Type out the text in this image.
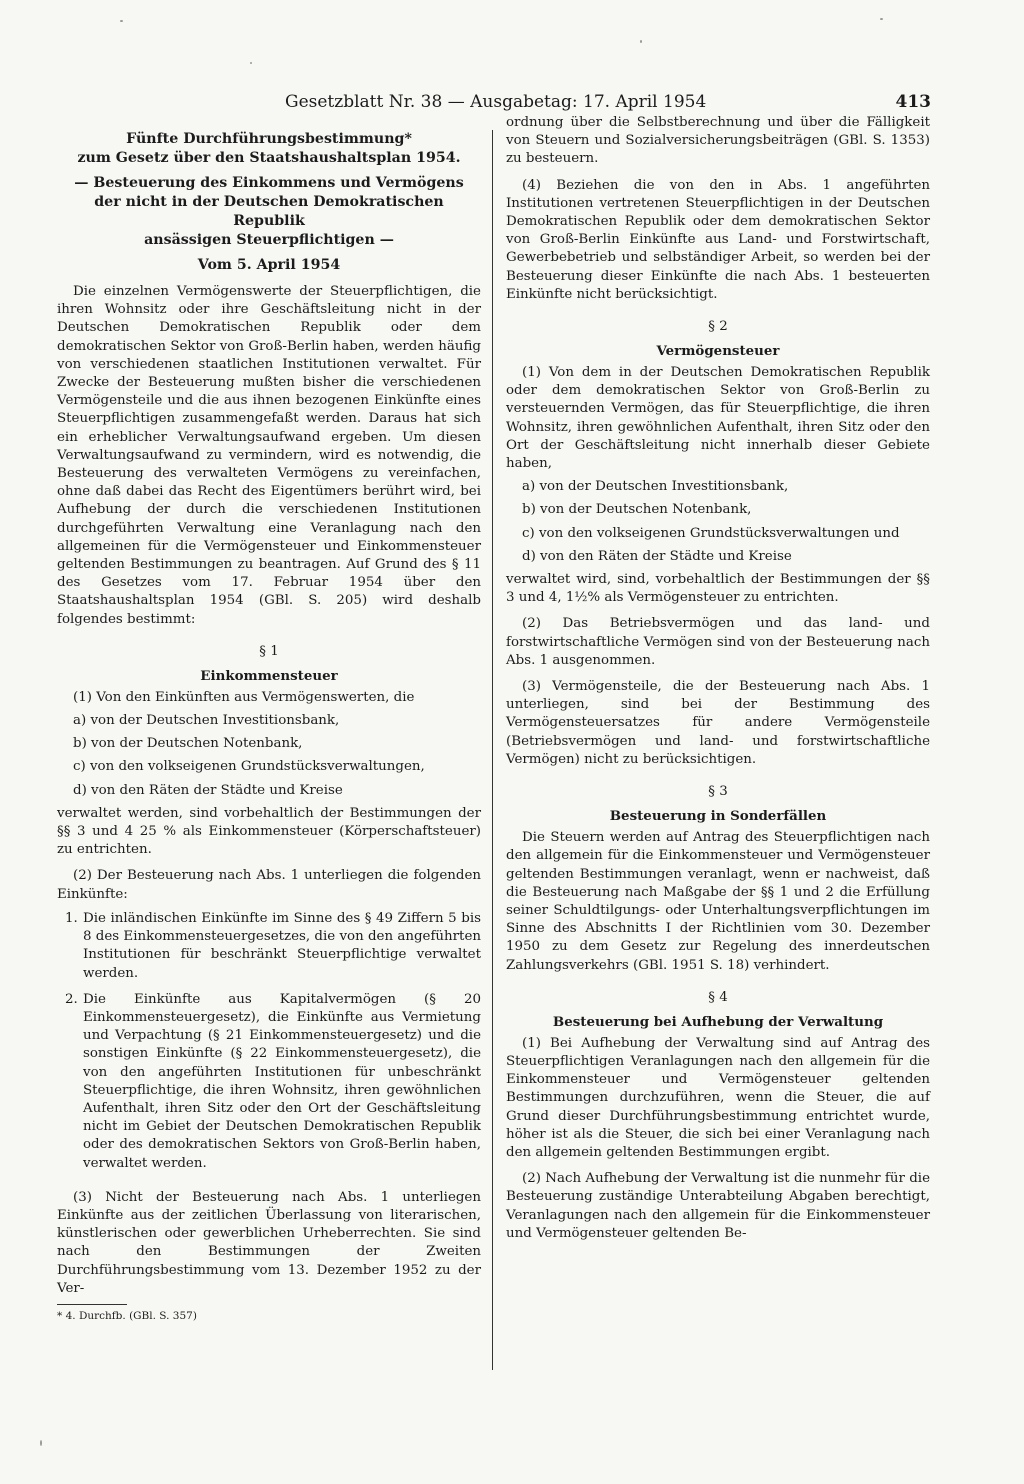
Gesetzblatt Nr. 38 — Ausgabetag: 17. April 1954	413
Fünfte Durchführungsbestimmung*
zum Gesetz über den Staatshaushaltsplan 1954.
— Besteuerung des Einkommens und Vermögens
der nicht in der Deutschen Demokratischen Republik
ansässigen Steuerpflichtigen —
Vom 5. April 1954

Die einzelnen Vermögenswerte der Steuerpflichtigen, die ihren Wohnsitz oder ihre Geschäftsleitung nicht in der Deutschen Demokratischen Republik oder dem demokratischen Sektor von Groß-Berlin haben, werden häufig von verschiedenen staatlichen Institutionen verwaltet. Für Zwecke der Besteuerung mußten bisher die verschiedenen Vermögensteile und die aus ihnen bezogenen Einkünfte eines Steuerpflichtigen zusammengefaßt werden. Daraus hat sich ein erheblicher Verwaltungsaufwand ergeben. Um diesen Verwaltungsaufwand zu vermindern, wird es notwendig, die Besteuerung des verwalteten Vermögens zu vereinfachen, ohne daß dabei das Recht des Eigentümers berührt wird, bei Aufhebung der durch die verschiedenen Institutionen durchgeführten Verwaltung eine Veranlagung nach den allgemeinen für die Vermögensteuer und Einkommensteuer geltenden Bestimmungen zu beantragen. Auf Grund des § 11 des Gesetzes vom 17. Februar 1954 über den Staatshaushaltsplan 1954 (GBl. S. 205) wird deshalb folgendes bestimmt:

§ 1
Einkommensteuer

(1) Von den Einkünften aus Vermögenswerten, die

a) von der Deutschen Investitionsbank,
b) von der Deutschen Notenbank,
c) von den volkseigenen Grundstücksverwaltungen,
d) von den Räten der Städte und Kreise

verwaltet werden, sind vorbehaltlich der Bestimmungen der §§ 3 und 4 25 % als Einkommensteuer (Körperschaftsteuer) zu entrichten.

(2) Der Besteuerung nach Abs. 1 unterliegen die folgenden Einkünfte:

1. Die inländischen Einkünfte im Sinne des § 49 Ziffern 5 bis 8 des Einkommensteuergesetzes, die von den angeführten Institutionen für beschränkt Steuerpflichtige verwaltet werden.
2. Die Einkünfte aus Kapitalvermögen (§ 20 Einkommensteuergesetz), die Einkünfte aus Vermietung und Verpachtung (§ 21 Einkommensteuergesetz) und die sonstigen Einkünfte (§ 22 Einkommensteuergesetz), die von den angeführten Institutionen für unbeschränkt Steuerpflichtige, die ihren Wohnsitz, ihren gewöhnlichen Aufenthalt, ihren Sitz oder den Ort der Geschäftsleitung nicht im Gebiet der Deutschen Demokratischen Republik oder des demokratischen Sektors von Groß-Berlin haben, verwaltet werden.

(3) Nicht der Besteuerung nach Abs. 1 unterliegen Einkünfte aus der zeitlichen Überlassung von literarischen, künstlerischen oder gewerblichen Urheberrechten. Sie sind nach den Bestimmungen der Zweiten Durchführungsbestimmung vom 13. Dezember 1952 zu der Ver-

* 4. Durchfb. (GBl. S. 357)

ordnung über die Selbstberechnung und über die Fälligkeit von Steuern und Sozialversicherungsbeiträgen (GBl. S. 1353) zu besteuern.

(4) Beziehen die von den in Abs. 1 angeführten Institutionen vertretenen Steuerpflichtigen in der Deutschen Demokratischen Republik oder dem demokratischen Sektor von Groß-Berlin Einkünfte aus Land- und Forstwirtschaft, Gewerbebetrieb und selbständiger Arbeit, so werden bei der Besteuerung dieser Einkünfte die nach Abs. 1 besteuerten Einkünfte nicht berücksichtigt.

§ 2
Vermögensteuer

(1) Von dem in der Deutschen Demokratischen Republik oder dem demokratischen Sektor von Groß-Berlin zu versteuernden Vermögen, das für Steuerpflichtige, die ihren Wohnsitz, ihren gewöhnlichen Aufenthalt, ihren Sitz oder den Ort der Geschäftsleitung nicht innerhalb dieser Gebiete haben,

a) von der Deutschen Investitionsbank,
b) von der Deutschen Notenbank,
c) von den volkseigenen Grundstücksverwaltungen und
d) von den Räten der Städte und Kreise

verwaltet wird, sind, vorbehaltlich der Bestimmungen der §§ 3 und 4, 1½% als Vermögensteuer zu entrichten.

(2) Das Betriebsvermögen und das land- und forstwirtschaftliche Vermögen sind von der Besteuerung nach Abs. 1 ausgenommen.

(3) Vermögensteile, die der Besteuerung nach Abs. 1 unterliegen, sind bei der Bestimmung des Vermögensteuersatzes für andere Vermögensteile (Betriebsvermögen und land- und forstwirtschaftliche Vermögen) nicht zu berücksichtigen.

§ 3
Besteuerung in Sonderfällen

Die Steuern werden auf Antrag des Steuerpflichtigen nach den allgemein für die Einkommensteuer und Vermögensteuer geltenden Bestimmungen veranlagt, wenn er nachweist, daß die Besteuerung nach Maßgabe der §§ 1 und 2 die Erfüllung seiner Schuldtilgungs- oder Unterhaltungsverpflichtungen im Sinne des Abschnitts I der Richtlinien vom 30. Dezember 1950 zu dem Gesetz zur Regelung des innerdeutschen Zahlungsverkehrs (GBl. 1951 S. 18) verhindert.

§ 4
Besteuerung bei Aufhebung der Verwaltung

(1) Bei Aufhebung der Verwaltung sind auf Antrag des Steuerpflichtigen Veranlagungen nach den allgemein für die Einkommensteuer und Vermögensteuer geltenden Bestimmungen durchzuführen, wenn die Steuer, die auf Grund dieser Durchführungsbestimmung entrichtet wurde, höher ist als die Steuer, die sich bei einer Veranlagung nach den allgemein geltenden Bestimmungen ergibt.

(2) Nach Aufhebung der Verwaltung ist die nunmehr für die Besteuerung zuständige Unterabteilung Abgaben berechtigt, Veranlagungen nach den allgemein für die Einkommensteuer und Vermögensteuer geltenden Be-
